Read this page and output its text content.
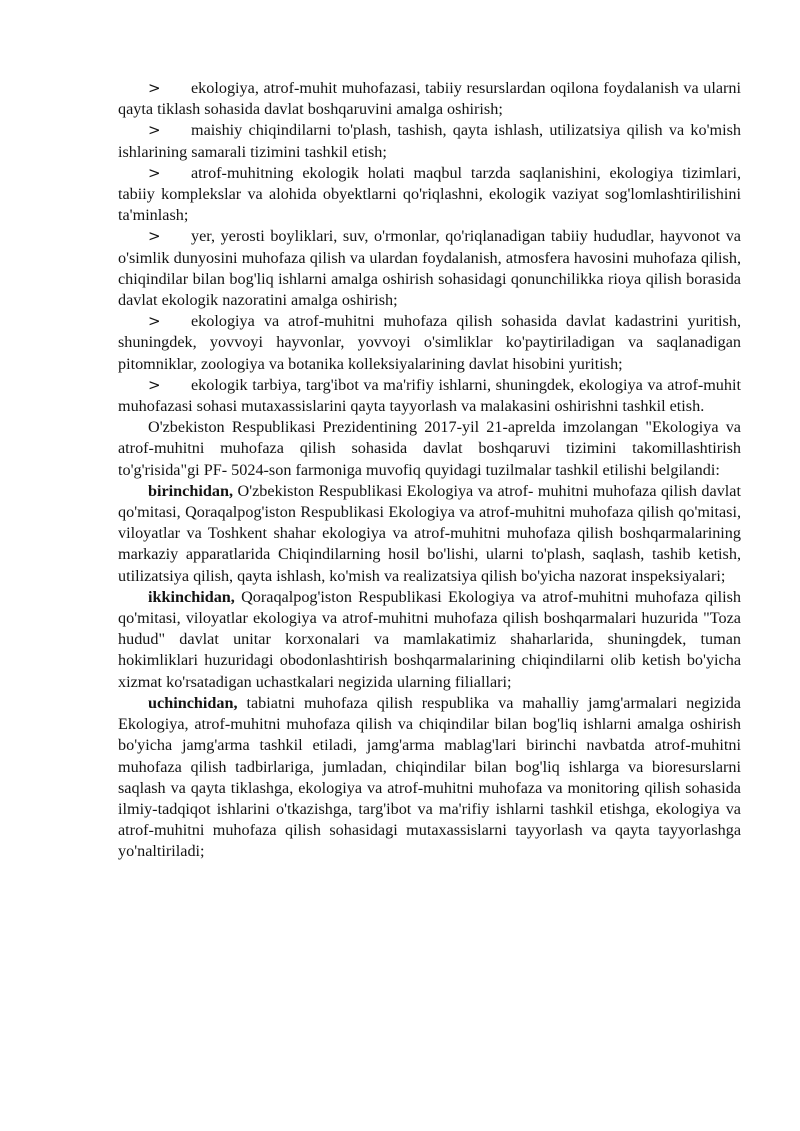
> ekologiya, atrof-muhit muhofazasi, tabiiy resurslardan oqilona foydalanish va ularni qayta tiklash sohasida davlat boshqaruvini amalga oshirish;

> maishiy chiqindilarni to'plash, tashish, qayta ishlash, utilizatsiya qilish va ko'mish ishlarining samarali tizimini tashkil etish;

> atrof-muhitning ekologik holati maqbul tarzda saqlanishini, ekologiya tizimlari, tabiiy komplekslar va alohida obyektlarni qo'riqlashni, ekologik vaziyat sog'lomlashtirilishini ta'minlash;

> yer, yerosti boyliklari, suv, o'rmonlar, qo'riqlanadigan tabiiy hududlar, hayvonot va o'simlik dunyosini muhofaza qilish va ulardan foydalanish, atmosfera havosini muhofaza qilish, chiqindilar bilan bog'liq ishlarni amalga oshirish sohasidagi qonunchilikka rioya qilish borasida davlat ekologik nazoratini amalga oshirish;

> ekologiya va atrof-muhitni muhofaza qilish sohasida davlat kadastrini yuritish, shuningdek, yovvoyi hayvonlar, yovvoyi o'simliklar ko'paytiriladigan va saqlanadigan pitomniklar, zoologiya va botanika kolleksiyalarining davlat hisobini yuritish;

> ekologik tarbiya, targ'ibot va ma'rifiy ishlarni, shuningdek, ekologiya va atrof-muhit muhofazasi sohasi mutaxassislarini qayta tayyorlash va malakasini oshirishni tashkil etish.

O'zbekiston Respublikasi Prezidentining 2017-yil 21-aprelda imzolangan "Ekologiya va atrof-muhitni muhofaza qilish sohasida davlat boshqaruvi tizimini takomillashtirish to'g'risida"gi PF- 5024-son farmoniga muvofiq quyidagi tuzilmalar tashkil etilishi belgilandi:

birinchidan, O'zbekiston Respublikasi Ekologiya va atrof- muhitni muhofaza qilish davlat qo'mitasi, Qoraqalpog'iston Respublikasi Ekologiya va atrof-muhitni muhofaza qilish qo'mitasi, viloyatlar va Toshkent shahar ekologiya va atrof-muhitni muhofaza qilish boshqarmalarining markaziy apparatlarida Chiqindilarning hosil bo'lishi, ularni to'plash, saqlash, tashib ketish, utilizatsiya qilish, qayta ishlash, ko'mish va realizatsiya qilish bo'yicha nazorat inspeksiyalari;

ikkinchidan, Qoraqalpog'iston Respublikasi Ekologiya va atrof-muhitni muhofaza qilish qo'mitasi, viloyatlar ekologiya va atrof-muhitni muhofaza qilish boshqarmalari huzurida "Toza hudud" davlat unitar korxonalari va mamlakatimiz shaharlarida, shuningdek, tuman hokimliklari huzuridagi obodonlashtirish boshqarmalarining chiqindilarni olib ketish bo'yicha xizmat ko'rsatadigan uchastkalari negizida ularning filiallari;

uchinchidan, tabiatni muhofaza qilish respublika va mahalliy jamg'armalari negizida Ekologiya, atrof-muhitni muhofaza qilish va chiqindilar bilan bog'liq ishlarni amalga oshirish bo'yicha jamg'arma tashkil etiladi, jamg'arma mablag'lari birinchi navbatda atrof-muhitni muhofaza qilish tadbirlariga, jumladan, chiqindilar bilan bog'liq ishlarga va bioresurslarni saqlash va qayta tiklashga, ekologiya va atrof-muhitni muhofaza va monitoring qilish sohasida ilmiy-tadqiqot ishlarini o'tkazishga, targ'ibot va ma'rifiy ishlarni tashkil etishga, ekologiya va atrof-muhitni muhofaza qilish sohasidagi mutaxassislarni tayyorlash va qayta tayyorlashga yo'naltiriladi;
